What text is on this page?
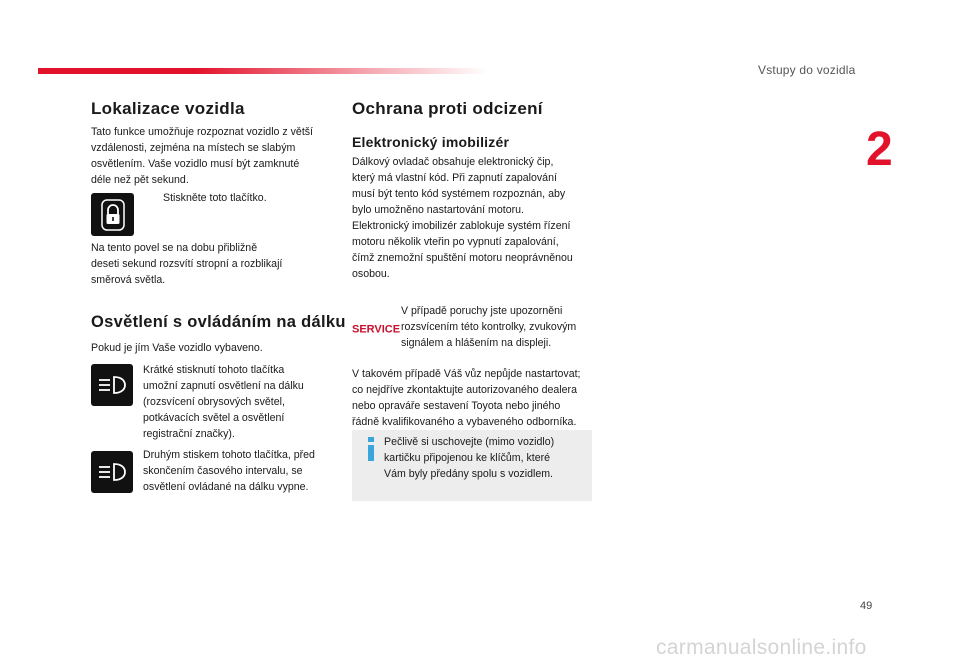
Vstupy do vozidla
2
Lokalizace vozidla
Tato funkce umožňuje rozpoznat vozidlo z větší
vzdálenosti, zejména na místech se slabým
osvětlením. Vaše vozidlo musí být zamknuté
déle než pět sekund.
Stiskněte toto tlačítko.
Na tento povel se na dobu přibližně
deseti sekund rozsvítí stropní a rozblikají
směrová světla.
Osvětlení s ovládáním na dálku
Pokud je jím Vaše vozidlo vybaveno.
Krátké stisknutí tohoto tlačítka
umožní zapnutí osvětlení na dálku
(rozsvícení obrysových světel,
potkávacích světel a osvětlení
registrační značky).
Druhým stiskem tohoto tlačítka, před
skončením časového intervalu, se
osvětlení ovládané na dálku vypne.
Ochrana proti odcizení
Elektronický imobilizér
Dálkový ovladač obsahuje elektronický čip,
který má vlastní kód. Při zapnutí zapalování
musí být tento kód systémem rozpoznán, aby
bylo umožněno nastartování motoru.
Elektronický imobilizér zablokuje systém řízení
motoru několik vteřin po vypnutí zapalování,
čímž znemožní spuštění motoru neoprávněnou
osobou.
SERVICE
V případě poruchy jste upozorněni
rozsvícením této kontrolky, zvukovým
signálem a hlášením na displeji.
V takovém případě Váš vůz nepůjde nastartovat;
co nejdříve zkontaktujte autorizovaného dealera
nebo opraváře sestavení Toyota nebo jiného
řádně kvalifikovaného a vybaveného odborníka.
Pečlivě si uschovejte (mimo vozidlo)
kartičku připojenou ke klíčům, které
Vám byly předány spolu s vozidlem.
49
carmanualsonline.info
